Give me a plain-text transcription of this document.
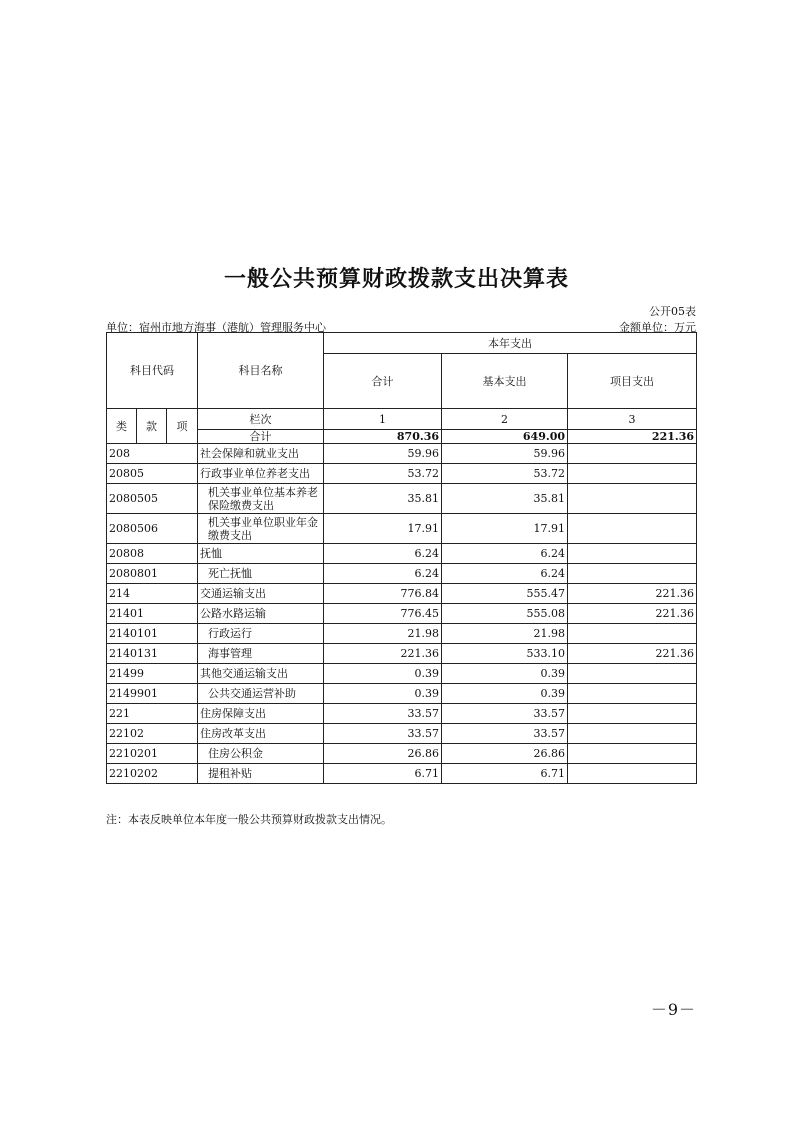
一般公共预算财政拨款支出决算表
公开05表
单位：宿州市地方海事（港航）管理服务中心	金额单位：万元
科目代码			科目名称	本年支出		
				合计	基本支出	项目支出

类	款	项	栏次	1	2	3
			合计	870.36	649.00	221.36
208			社会保障和就业支出	59.96	59.96	
20805			行政事业单位养老支出	53.72	53.72	
2080505			机关事业单位基本养老保险缴费支出	35.81	35.81	
2080506			机关事业单位职业年金缴费支出	17.91	17.91	
20808			抚恤	6.24	6.24	
2080801			死亡抚恤	6.24	6.24	
214			交通运输支出	776.84	555.47	221.36
21401			公路水路运输	776.45	555.08	221.36
2140101			行政运行	21.98	21.98	
2140131			海事管理	221.36	533.10	221.36
21499			其他交通运输支出	0.39	0.39	
2149901			公共交通运营补助	0.39	0.39	
221			住房保障支出	33.57	33.57	
22102			住房改革支出	33.57	33.57	
2210201			住房公积金	26.86	26.86	
2210202			提租补贴	6.71	6.71	
注：本表反映单位本年度一般公共预算财政拨款支出情况。
－9－
